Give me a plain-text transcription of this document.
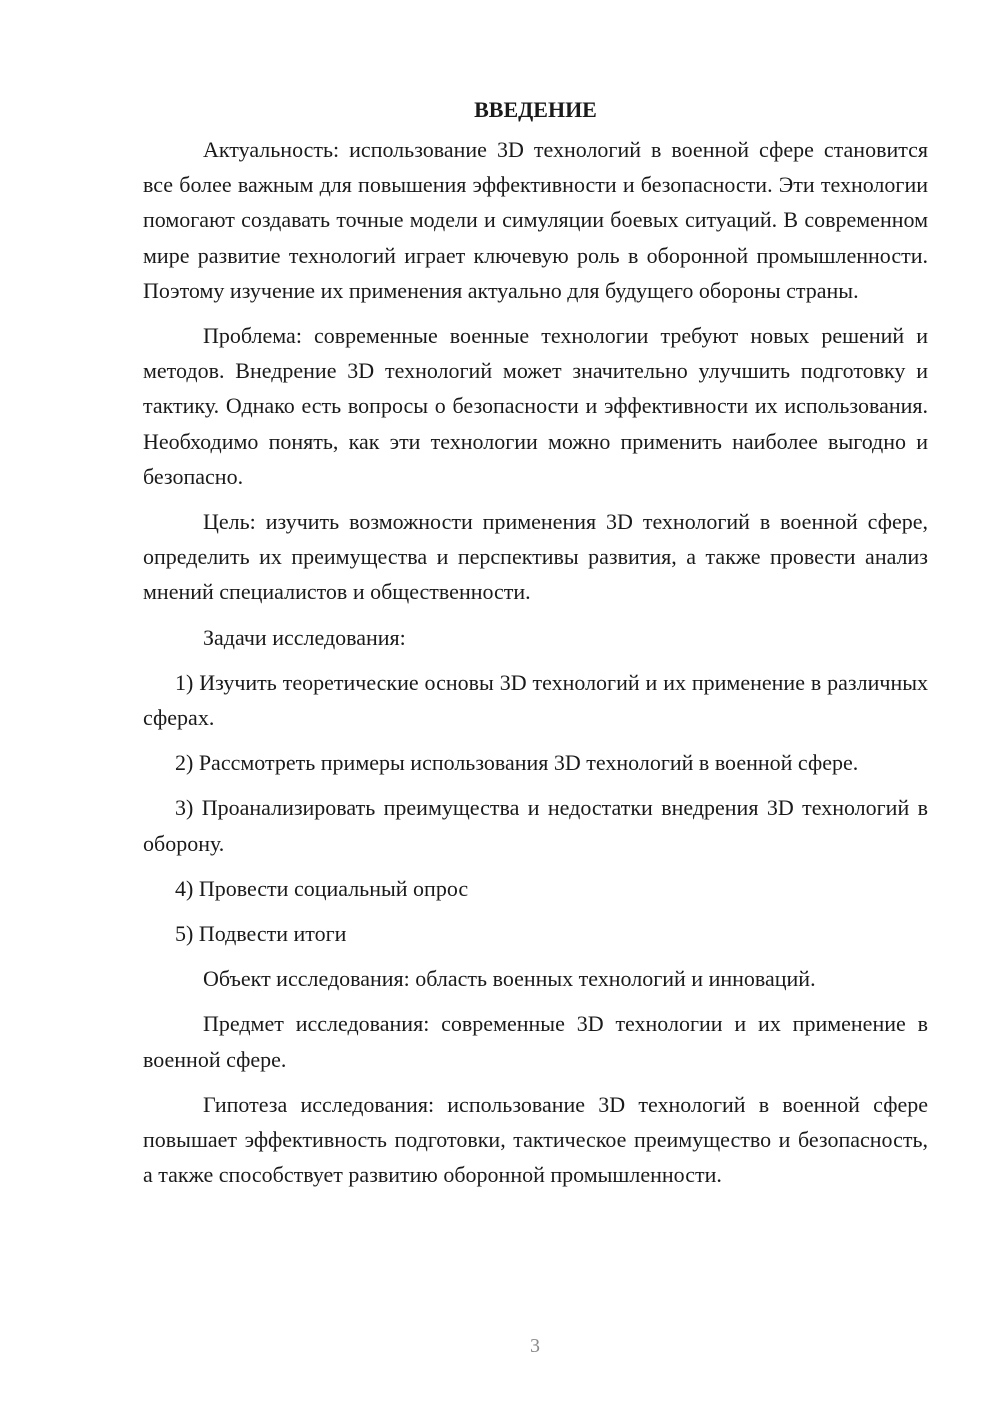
ВВЕДЕНИЕ

Актуальность: использование 3D технологий в военной сфере становится все более важным для повышения эффективности и безопасности. Эти технологии помогают создавать точные модели и симуляции боевых ситуаций. В современном мире развитие технологий играет ключевую роль в оборонной промышленности. Поэтому изучение их применения актуально для будущего обороны страны.

Проблема: современные военные технологии требуют новых решений и методов. Внедрение 3D технологий может значительно улучшить подготовку и тактику. Однако есть вопросы о безопасности и эффективности их использования. Необходимо понять, как эти технологии можно применить наиболее выгодно и безопасно.

Цель: изучить возможности применения 3D технологий в военной сфере, определить их преимущества и перспективы развития, а также провести анализ мнений специалистов и общественности.

Задачи исследования:

1) Изучить теоретические основы 3D технологий и их применение в различных сферах.

2) Рассмотреть примеры использования 3D технологий в военной сфере.

3) Проанализировать преимущества и недостатки внедрения 3D технологий в оборону.

4) Провести социальный опрос

5) Подвести итоги

Объект исследования: область военных технологий и инноваций.

Предмет исследования: современные 3D технологии и их применение в военной сфере.

Гипотеза исследования: использование 3D технологий в военной сфере повышает эффективность подготовки, тактическое преимущество и безопасность, а также способствует развитию оборонной промышленности.

3
